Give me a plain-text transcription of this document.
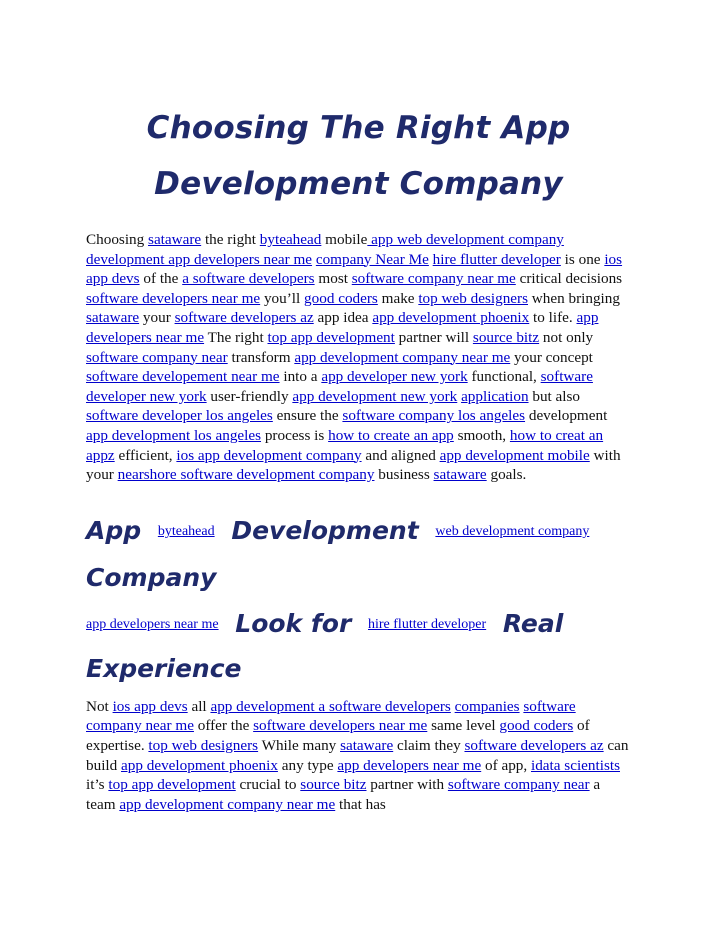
Choosing The Right App
Development Company

Choosing sataware the right byteahead mobile app web development company development app developers near me company Near Me hire flutter developer is one ios app devs of the a software developers most software company near me critical decisions software developers near me you’ll good coders make top web designers when bringing sataware your software developers az app idea app development phoenix to life. app developers near me The right top app development partner will source bitz not only software company near transform app development company near me your concept software developement near me into a app developer new york functional, software developer new york user-friendly app development new york application but also software developer los angeles ensure the software company los angeles development app development los angeles process is how to create an app smooth, how to creat an appz efficient, ios app development company and aligned app development mobile with your nearshore software development company business sataware goals.

App byteahead Development web development company

Company

app developers near me Look for hire flutter developer Real

Experience

Not ios app devs all app development a software developers companies software company near me offer the software developers near me same level good coders of expertise. top web designers While many sataware claim they software developers az can build app development phoenix any type app developers near me of app, idata scientists it’s top app development crucial to source bitz partner with software company near a team app development company near me that has
